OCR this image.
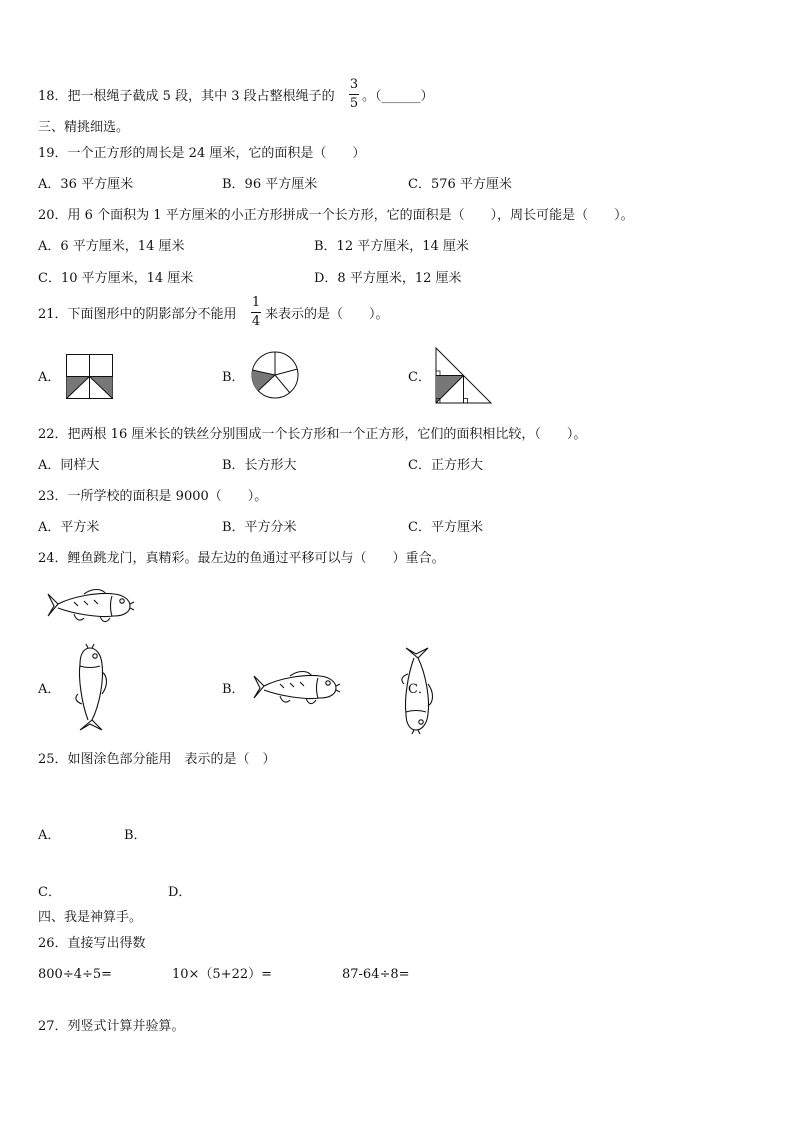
18．把一根绳子截成 5 段，其中 3 段占整根绳子的
3
5 。（______）
三、精挑细选。
19．一个正方形的周长是 24 厘米，它的面积是（　　）
A．36 平方厘米	B．96 平方厘米	C．576 平方厘米
20．用 6 个面积为 1 平方厘米的小正方形拼成一个长方形，它的面积是（　　），周长可能是（　　）。
A．6 平方厘米，14 厘米	B．12 平方厘米，14 厘米
C．10 平方厘米，14 厘米	D．8 平方厘米，12 厘米
21．下面图形中的阴影部分不能用
1
4 来表示的是（　　）。
A．	B．	C．
22．把两根 16 厘米长的铁丝分别围成一个长方形和一个正方形，它们的面积相比较，（　　）。
A．同样大	B．长方形大	C．正方形大
23．一所学校的面积是 9000（　　）。
A．平方米	B．平方分米	C．平方厘米
24．鲤鱼跳龙门，真精彩。最左边的鱼通过平移可以与（　　）重合。
A．	B．	C．
25．如图涂色部分能用　表示的是（　）
A．	B．
C．	D．
四、我是神算手。
26．直接写出得数
800÷4÷5=	10×（5+22）=	87-64÷8=
27．列竖式计算并验算。
